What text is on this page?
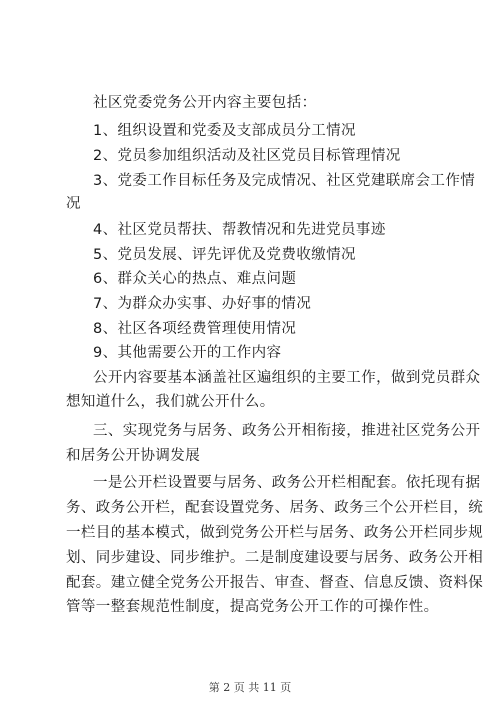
社区党委党务公开内容主要包括：
1、组织设置和党委及支部成员分工情况
2、党员参加组织活动及社区党员目标管理情况
3、党委工作目标任务及完成情况、社区党建联席会工作情
况
4、社区党员帮扶、帮教情况和先进党员事迹
5、党员发展、评先评优及党费收缴情况
6、群众关心的热点、难点问题
7、为群众办实事、办好事的情况
8、社区各项经费管理使用情况
9、其他需要公开的工作内容
公开内容要基本涵盖社区遍组织的主要工作，做到党员群众
想知道什么，我们就公开什么。
三、实现党务与居务、政务公开相衔接，推进社区党务公开
和居务公开协调发展
一是公开栏设置要与居务、政务公开栏相配套。依托现有据
务、政务公开栏，配套设置党务、居务、政务三个公开栏目，统
一栏目的基本模式，做到党务公开栏与居务、政务公开栏同步规
划、同步建设、同步维护。二是制度建设要与居务、政务公开相
配套。建立健全党务公开报告、审查、督查、信息反馈、资料保
管等一整套规范性制度，提高党务公开工作的可操作性。
第 2 页 共 11 页
